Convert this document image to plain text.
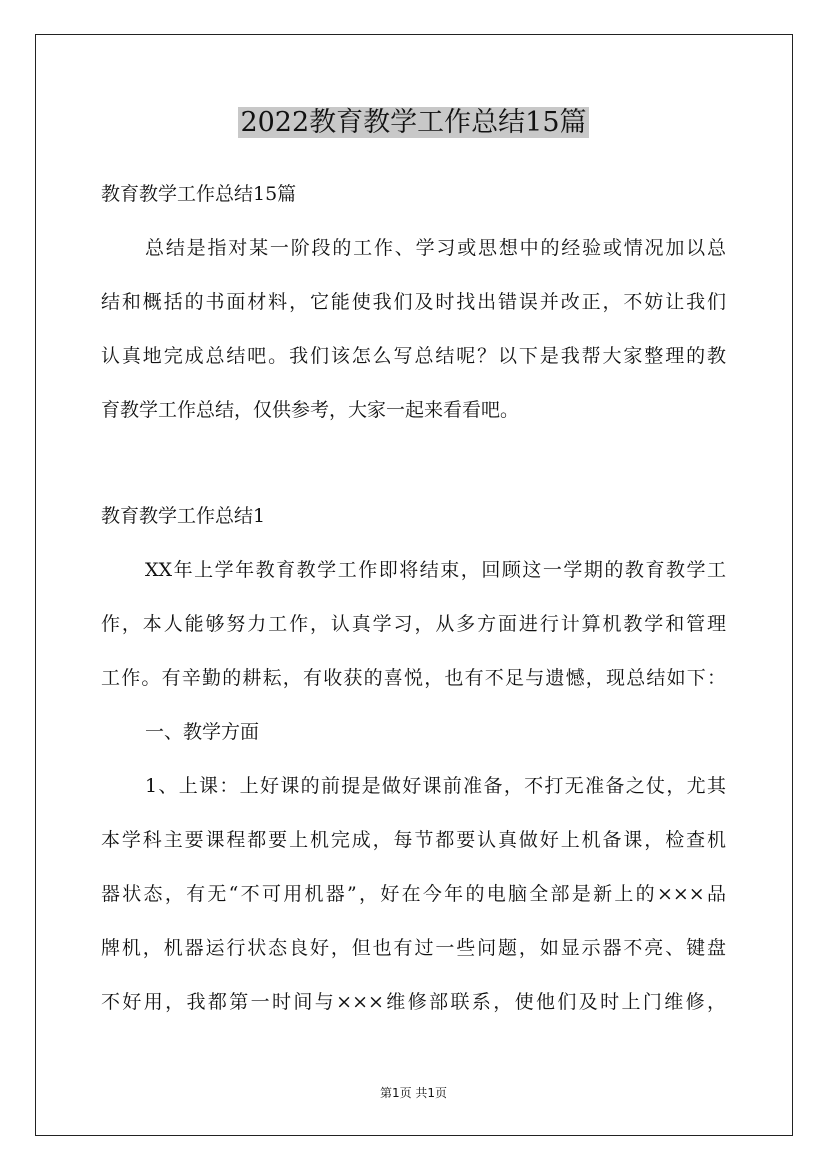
2022教育教学工作总结15篇
教育教学工作总结15篇
总结是指对某一阶段的工作、学习或思想中的经验或情况加以总
结和概括的书面材料，它能使我们及时找出错误并改正，不妨让我们
认真地完成总结吧。我们该怎么写总结呢？以下是我帮大家整理的教
育教学工作总结，仅供参考，大家一起来看看吧。
教育教学工作总结1
XX年上学年教育教学工作即将结束，回顾这一学期的教育教学工
作，本人能够努力工作，认真学习，从多方面进行计算机教学和管理
工作。有辛勤的耕耘，有收获的喜悦，也有不足与遗憾，现总结如下：
一、教学方面
1、上课：上好课的前提是做好课前准备，不打无准备之仗，尤其
本学科主要课程都要上机完成，每节都要认真做好上机备课，检查机
器状态，有无“不可用机器”，好在今年的电脑全部是新上的×××品
牌机，机器运行状态良好，但也有过一些问题，如显示器不亮、键盘
不好用，我都第一时间与×××维修部联系，使他们及时上门维修，
第1页 共1页
